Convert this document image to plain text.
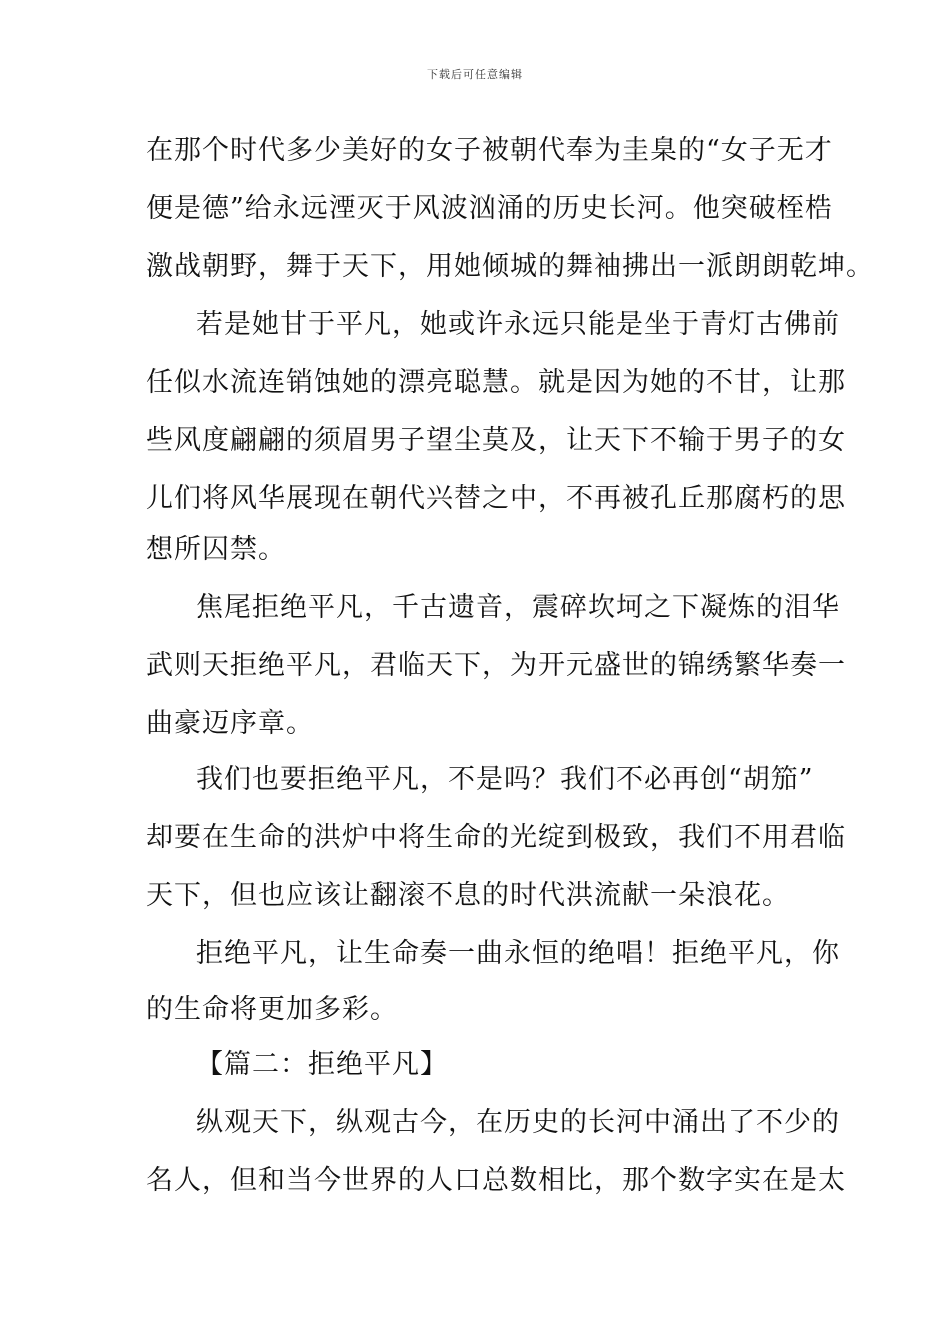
下载后可任意编辑
在那个时代多少美好的女子被朝代奉为圭臬的“女子无才
便是德”给永远湮灭于风波汹涌的历史长河。他突破桎梏
激战朝野，舞于天下，用她倾城的舞袖拂出一派朗朗乾坤。
若是她甘于平凡，她或许永远只能是坐于青灯古佛前
任似水流连销蚀她的漂亮聪慧。就是因为她的不甘，让那
些风度翩翩的须眉男子望尘莫及，让天下不输于男子的女
儿们将风华展现在朝代兴替之中，不再被孔丘那腐朽的思
想所囚禁。
焦尾拒绝平凡，千古遗音，震碎坎坷之下凝炼的泪华
武则天拒绝平凡，君临天下，为开元盛世的锦绣繁华奏一
曲豪迈序章。
我们也要拒绝平凡，不是吗？我们不必再创“胡笳”
却要在生命的洪炉中将生命的光绽到极致，我们不用君临
天下，但也应该让翻滚不息的时代洪流献一朵浪花。
拒绝平凡，让生命奏一曲永恒的绝唱！拒绝平凡，你
的生命将更加多彩。
【篇二：拒绝平凡】
纵观天下，纵观古今，在历史的长河中涌出了不少的
名人，但和当今世界的人口总数相比，那个数字实在是太
